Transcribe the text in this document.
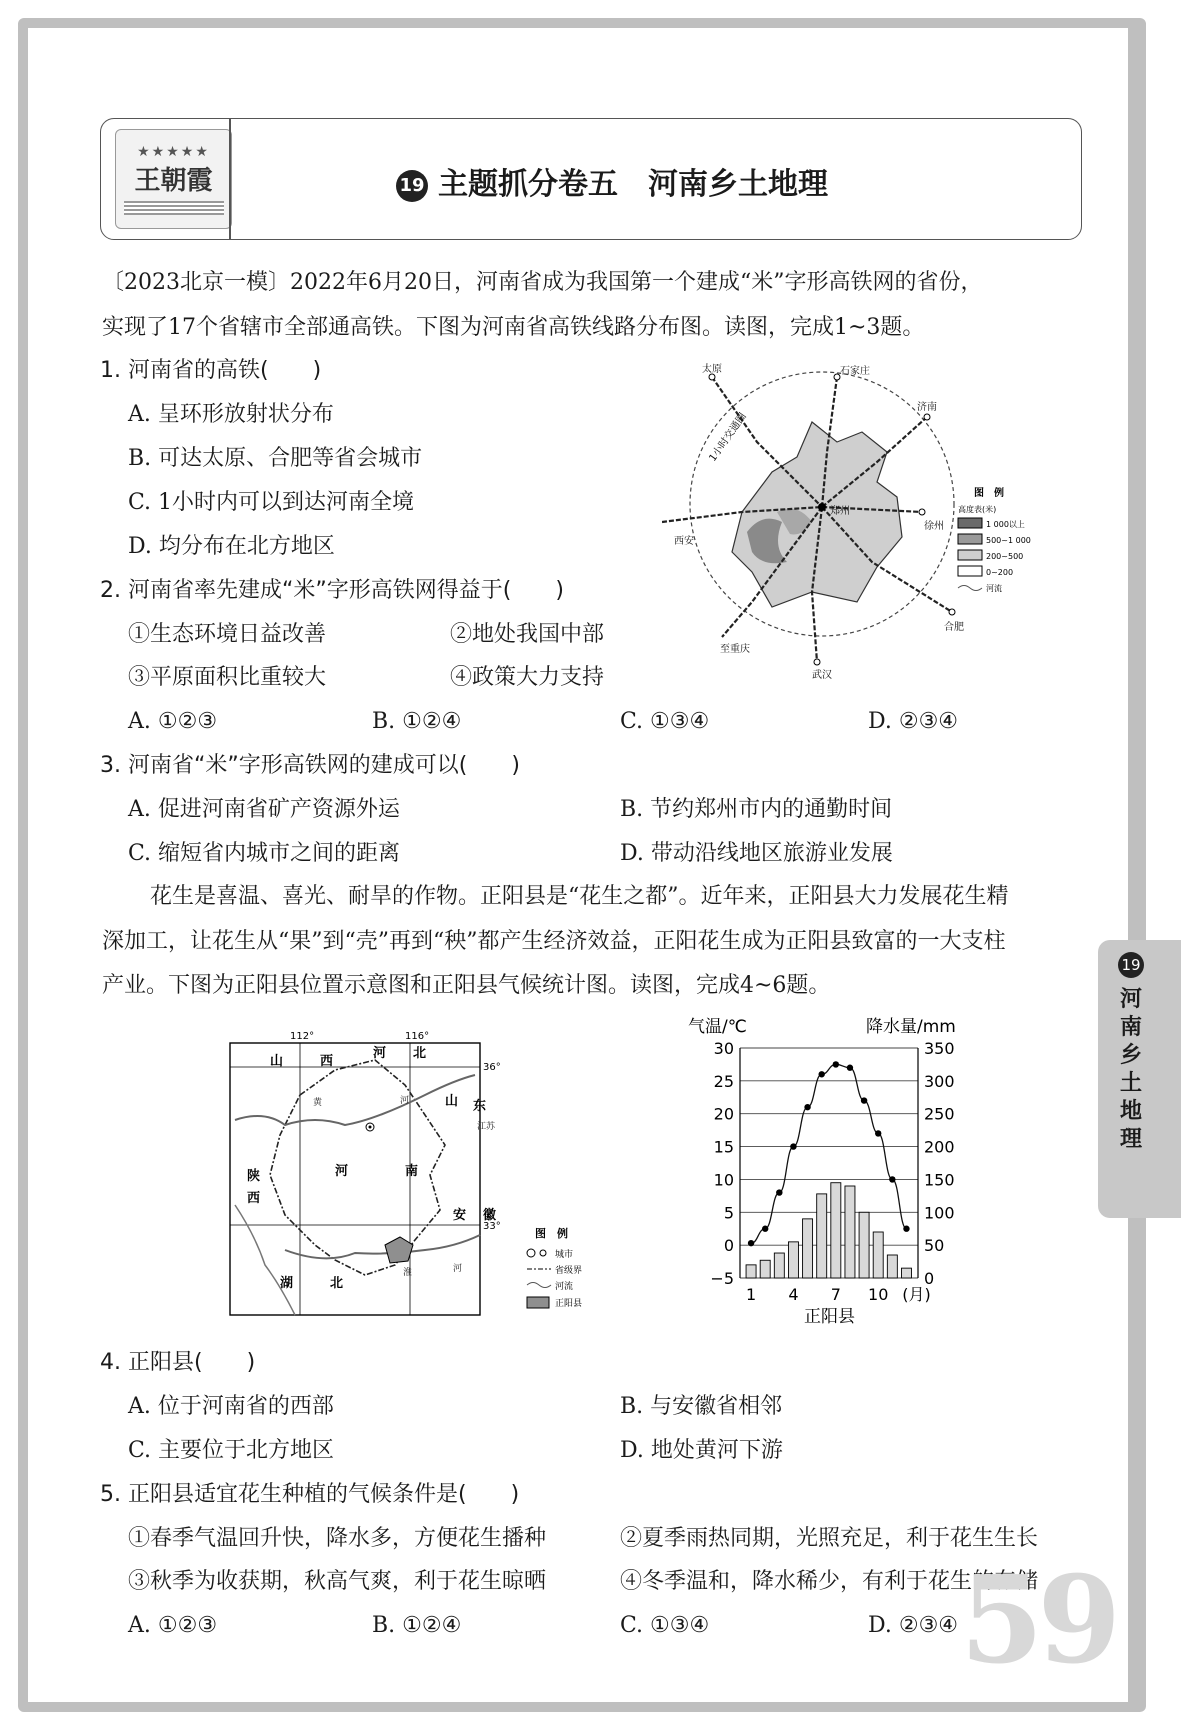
★★★★★
王朝霞	19 主题抓分卷五 河南乡土地理
〔2023北京一模〕2022年6月20日，河南省成为我国第一个建成“米”字形高铁网的省份，
实现了17个省辖市全部通高铁。下图为河南省高铁线路分布图。读图，完成1~3题。
1. 河南省的高铁(　　)
A. 呈环形放射状分布
B. 可达太原、合肥等省会城市
C. 1小时内可以到达河南全境
D. 均分布在北方地区
2. 河南省率先建成“米”字形高铁网得益于(　　)
①生态环境日益改善	②地处我国中部
③平原面积比重较大	④政策大力支持
A. ①②③	B. ①②④	C. ①③④	D. ②③④
太原	石家庄
济南
郑州
徐州
西安
合肥
至重庆
武汉
1小时交通圈
图　例
高度表(米)
1 000以上
500~1 000
200~500
0~200
河流
3. 河南省“米”字形高铁网的建成可以(　　)
A. 促进河南省矿产资源外运	B. 节约郑州市内的通勤时间
C. 缩短省内城市之间的距离	D. 带动沿线地区旅游业发展
花生是喜温、喜光、耐旱的作物。正阳县是“花生之都”。近年来，正阳县大力发展花生精
深加工，让花生从“果”到“壳”再到“秧”都产生经济效益，正阳花生成为正阳县致富的一大支柱
产业。下图为正阳县位置示意图和正阳县气候统计图。读图，完成4~6题。
112°	116°
36°
33°
山	西
河 北
山 东
陕
西
河	南
安 徽
湖	北
江苏
黄	河
淮	河
图　例
城市
省级界
河流
正阳县
气温/℃	降水量/mm
30
25
20
15
10
5
0
−5
350
300
250
200
150
100
50
0
1 4 7 10 (月)
正阳县
4. 正阳县(　　)
A. 位于河南省的西部	B. 与安徽省相邻
C. 主要位于北方地区	D. 地处黄河下游
5. 正阳县适宜花生种植的气候条件是(　　)
①春季气温回升快，降水多，方便花生播种	②夏季雨热同期，光照充足，利于花生生长
③秋季为收获期，秋高气爽，利于花生晾晒	④冬季温和，降水稀少，有利于花生的存储
59
A. ①②③	B. ①②④	C. ①③④	D. ②③④
19
河南乡土地理
